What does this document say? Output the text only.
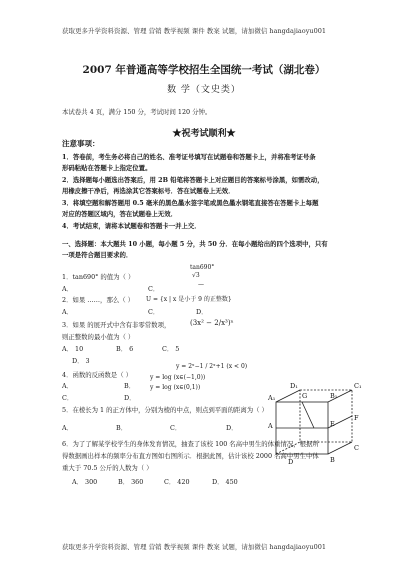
获取更多升学资料资源、管理 营销 教学视频 课件 教案 试题，请加微信 hangdajiaoyu001
获取更多升学资料资源、管理 营销 教学视频 课件 教案 试题，请加微信 hangdajiaoyu001
2007 年普通高等学校招生全国统一考试（湖北卷）
数 学（文史类）
本试卷共 4 页，满分 150 分，考试时间 120 分钟。
★祝考试顺利★
注意事项：
1．答卷前，考生务必将自己的姓名、准考证号填写在试题卷和答题卡上，并将准考证号条
形码粘贴在答题卡上指定位置。
2．选择题每小题选出答案后，用 2B 铅笔将答题卡上对应题目的答案标号涂黑，如需改动，
用橡皮擦干净后，再选涂其它答案标号．答在试题卷上无效．
3．将填空题和解答题用 0.5 毫米的黑色墨水签字笔或黑色墨水钢笔直接答在答题卡上每题
对应的答题区域内，答在试题卷上无效．
4．考试结束，请将本试题卷和答题卡一并上交．
一、选择题：本大题共 10 小题，每小题 5 分，共 50 分．在每小题给出的四个选项中，只有
一项是符合题目要求的．
tan690°
1．tan690° 的值为（ ）
A．	C．
√3
—
2．如果 ……，那么（ ） U = {x | x 是小于 9 的正整数}
A．	C．	D．
3．如果 的展开式中含有非零常数项，	(3x² − 2/x³)ⁿ
则正整数的最小值为（ ）
A． 10	B． 6	C． 5
D． 3
4．函数的反函数是（ ）
y = 2ˣ−1 / 2ˣ+1 (x < 0)
y = log (x∈(−1,0))
y = log (x∈(0,1))
A．	B．
C．	D．
5．在棱长为 1 的正方体中，分别为棱的中点，则点到平面的距离为（ ）
A．	B．	C．	D．
6．为了了解某学校学生的身体发育情况，抽查了该校 100 名高中男生的体重情况，根据所
得数据画出样本的频率分布直方图如右图所示．根据此图，估计该校 2000 名高中男生中体
重大于 70.5 公斤的人数为（ ）
A． 300	B． 360	C． 420	D． 450
A₁	G	B₁
C₁
D₁
F
E
A
D	B
C
